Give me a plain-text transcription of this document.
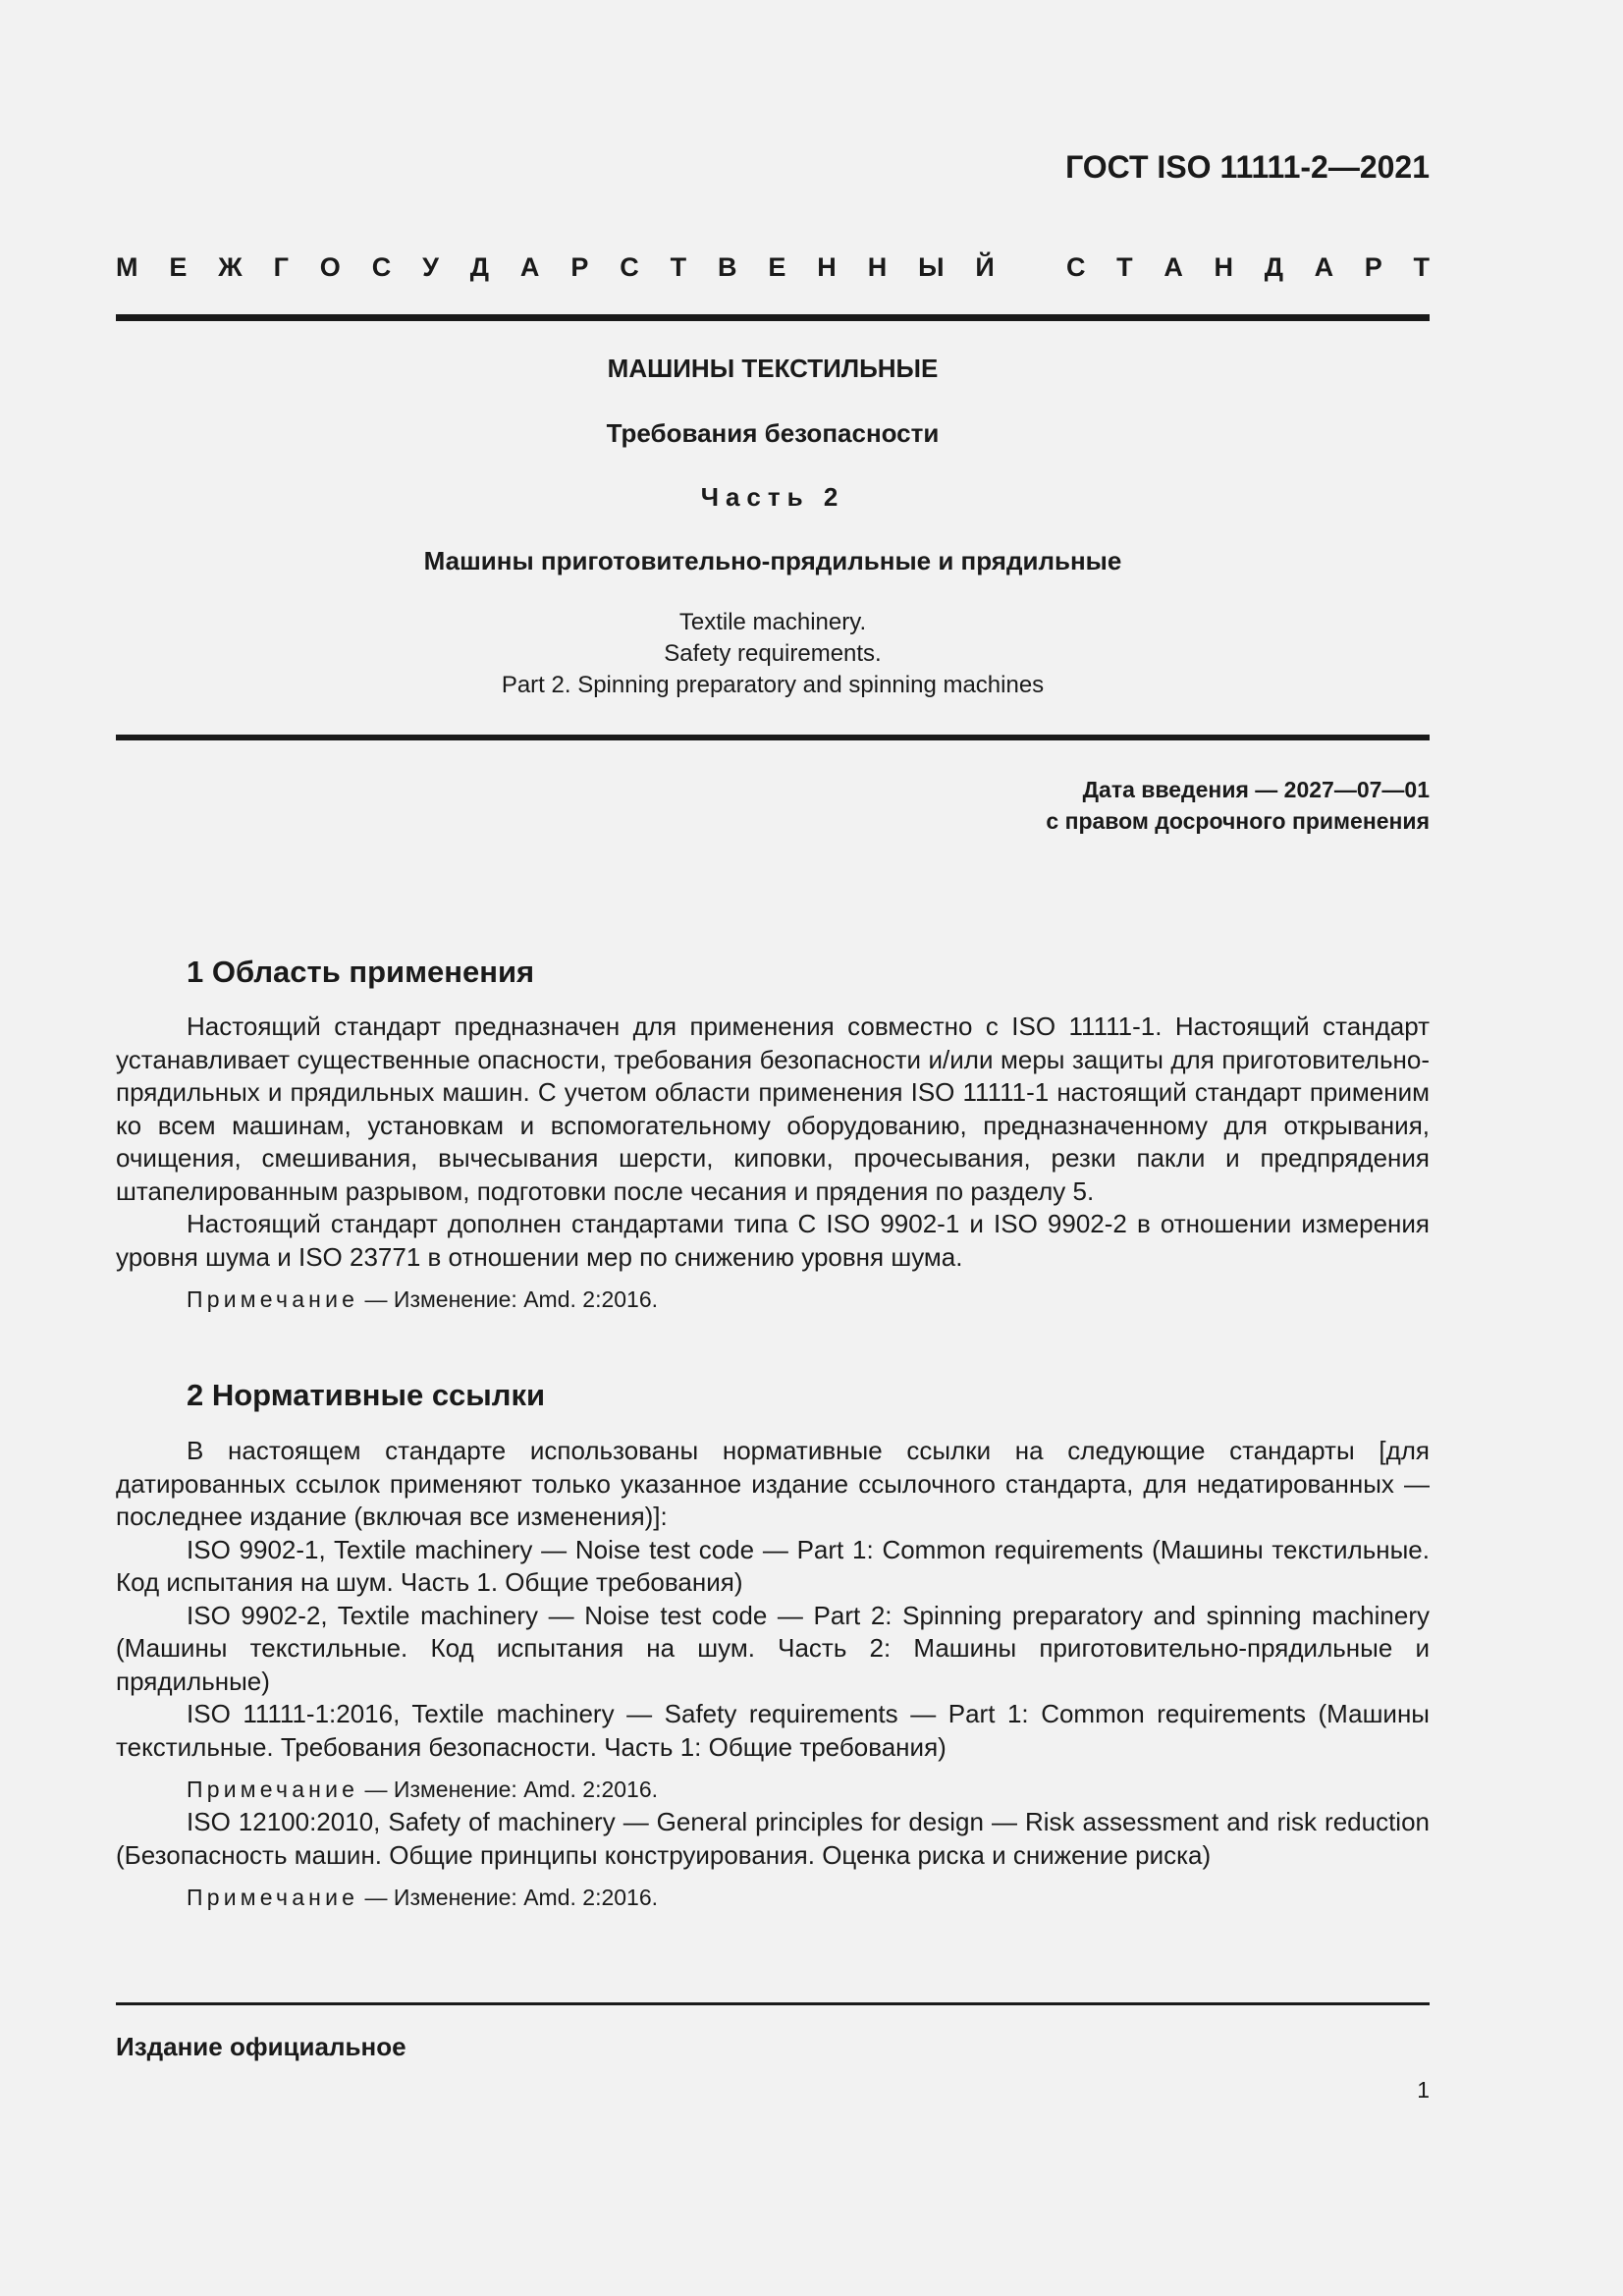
ГОСТ ISO 11111-2—2021
М Е Ж Г О С У Д А Р С Т В Е Н Н Ы Й	С Т А Н Д А Р Т
МАШИНЫ ТЕКСТИЛЬНЫЕ
Требования безопасности
Часть 2
Машины приготовительно-прядильные и прядильные
Textile machinery.
Safety requirements.
Part 2. Spinning preparatory and spinning machines
Дата введения — 2027—07—01
с правом досрочного применения
1 Область применения

Настоящий стандарт предназначен для применения совместно с ISO 11111-1. Настоящий стандарт устанавливает существенные опасности, требования безопасности и/или меры защиты для приготовительно-прядильных и прядильных машин. С учетом области применения ISO 11111-1 настоящий стандарт применим ко всем машинам, установкам и вспомогательному оборудованию, предназначенному для открывания, очищения, смешивания, вычесывания шерсти, киповки, прочесывания, резки пакли и предпрядения штапелированным разрывом, подготовки после чесания и прядения по разделу 5.

Настоящий стандарт дополнен стандартами типа С ISO 9902-1 и ISO 9902-2 в отношении измерения уровня шума и ISO 23771 в отношении мер по снижению уровня шума.

Примечание — Изменение: Amd. 2:2016.
2 Нормативные ссылки

В настоящем стандарте использованы нормативные ссылки на следующие стандарты [для датированных ссылок применяют только указанное издание ссылочного стандарта, для недатированных — последнее издание (включая все изменения)]:

ISO 9902-1, Textile machinery — Noise test code — Part 1: Common requirements (Машины текстильные. Код испытания на шум. Часть 1. Общие требования)

ISO 9902-2, Textile machinery — Noise test code — Part 2: Spinning preparatory and spinning machinery (Машины текстильные. Код испытания на шум. Часть 2: Машины приготовительно-прядильные и прядильные)

ISO 11111-1:2016, Textile machinery — Safety requirements — Part 1: Common requirements (Машины текстильные. Требования безопасности. Часть 1: Общие требования)

Примечание — Изменение: Amd. 2:2016.

ISO 12100:2010, Safety of machinery — General principles for design — Risk assessment and risk reduction (Безопасность машин. Общие принципы конструирования. Оценка риска и снижение риска)

Примечание — Изменение: Amd. 2:2016.
Издание официальное
1
